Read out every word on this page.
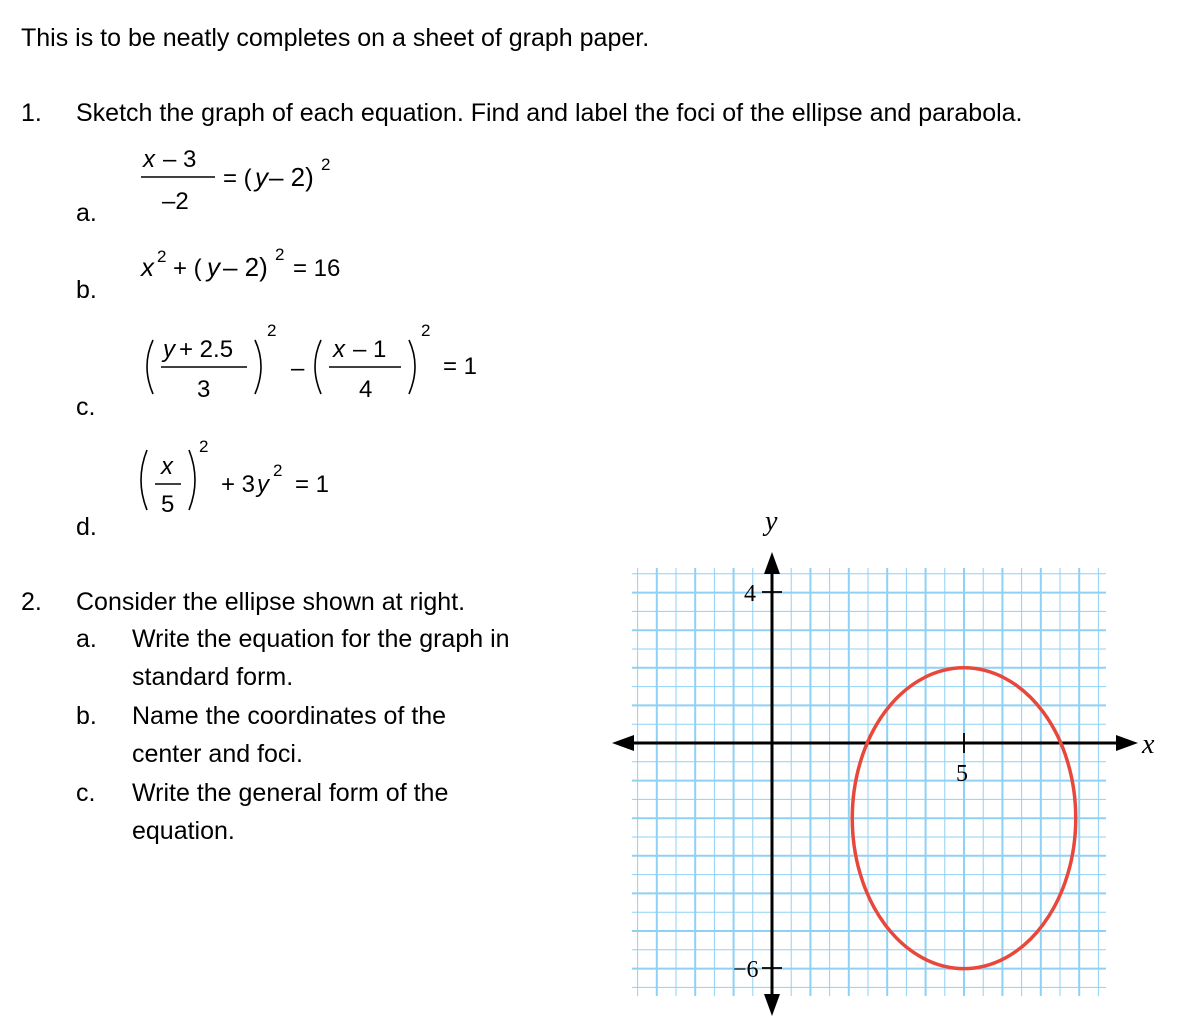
This is to be neatly completes on a sheet of graph paper.
1. Sketch the graph of each equation. Find and label the foci of the ellipse and parabola.
a.
x – 3
–2
= ( y – 2) 2
b.
x 2 + ( y – 2) 2
= 16
c.
y + 2.5
3
2
–
x – 1
4
2
= 1
d.
x
5
2
+ 3 y
2
= 1
2. Consider the ellipse shown at right.
a. Write the equation for the graph in
standard form.
b. Name the coordinates of the
center and foci.
c. Write the general form of the
equation.
4
−6
5
y
x
